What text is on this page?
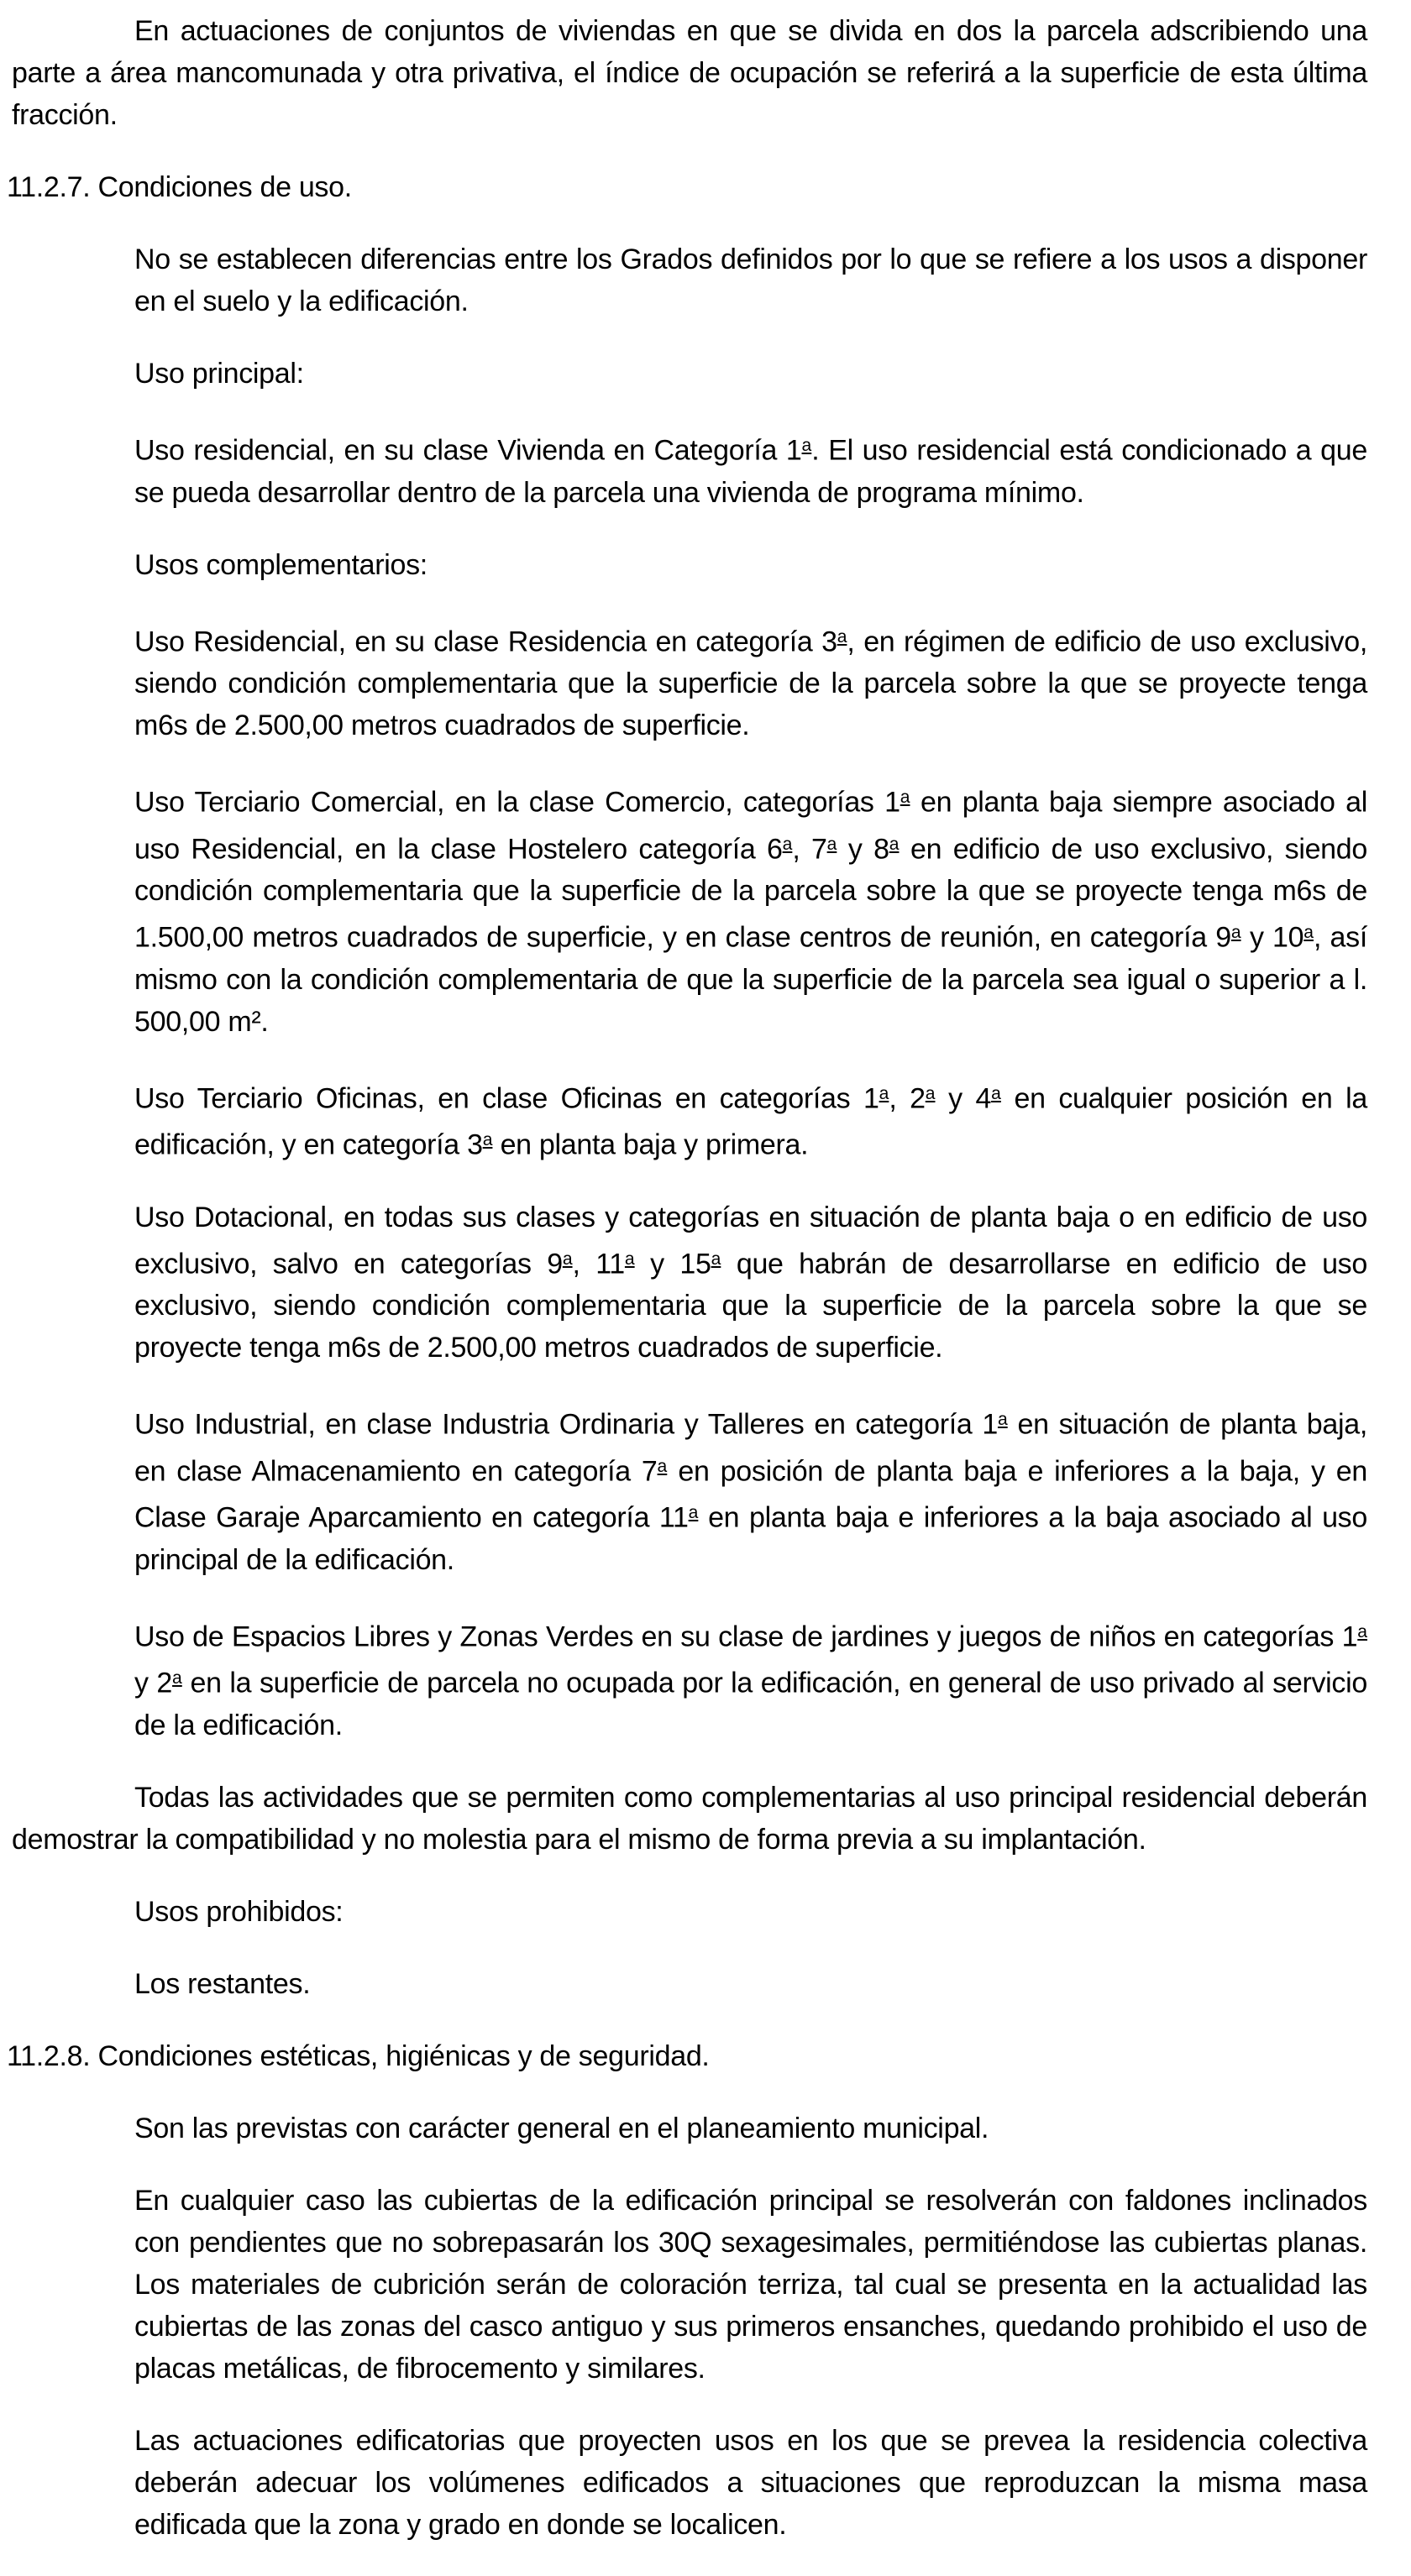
En actuaciones de conjuntos de viviendas en que se divida en dos la parcela adscribiendo una parte a área mancomunada y otra privativa, el índice de ocupación se referirá a la superficie de esta última fracción.

11.2.7. Condiciones de uso.

No se establecen diferencias entre los Grados definidos por lo que se refiere a los usos a disponer en el suelo y la edificación.

Uso principal:

Uso residencial, en su clase Vivienda en Categoría 1$^a$. El uso residencial está condicionado a que se pueda desarrollar dentro de la parcela una vivienda de programa mínimo.

Usos complementarios:

Uso Residencial, en su clase Residencia en categoría 3$^a$, en régimen de edificio de uso exclusivo, siendo condición complementaria que la superficie de la parcela sobre la que se proyecte tenga m6s de 2.500,00 metros cuadrados de superficie.

Uso Terciario Comercial, en la clase Comercio, categorías 1$^a$ en planta baja siempre asociado al uso Residencial, en la clase Hostelero categoría 6$^a$, 7$^a$ y 8$^a$ en edificio de uso exclusivo, siendo condición complementaria que la superficie de la parcela sobre la que se proyecte tenga m6s de 1.500,00 metros cuadrados de superficie, y en clase centros de reunión, en categoría 9$^a$ y 10$^a$, así mismo con la condición complementaria de que la superficie de la parcela sea igual o superior a l. 500,00 m².

Uso Terciario Oficinas, en clase Oficinas en categorías 1$^a$, 2$^a$ y 4$^a$ en cualquier posición en la edificación, y en categoría 3$^a$ en planta baja y primera.

Uso Dotacional, en todas sus clases y categorías en situación de planta baja o en edificio de uso exclusivo, salvo en categorías 9$^a$, 11$^a$ y 15$^a$ que habrán de desarrollarse en edificio de uso exclusivo, siendo condición complementaria que la superficie de la parcela sobre la que se proyecte tenga m6s de 2.500,00 metros cuadrados de superficie.

Uso Industrial, en clase Industria Ordinaria y Talleres en categoría 1$^a$ en situación de planta baja, en clase Almacenamiento en categoría 7$^a$ en posición de planta baja e inferiores a la baja, y en Clase Garaje Aparcamiento en categoría 11$^a$ en planta baja e inferiores a la baja asociado al uso principal de la edificación.

Uso de Espacios Libres y Zonas Verdes en su clase de jardines y juegos de niños en categorías 1$^a$ y 2$^a$ en la superficie de parcela no ocupada por la edificación, en general de uso privado al servicio de la edificación.

Todas las actividades que se permiten como complementarias al uso principal residencial deberán demostrar la compatibilidad y no molestia para el mismo de forma previa a su implantación.

Usos prohibidos:

Los restantes.

11.2.8. Condiciones estéticas, higiénicas y de seguridad.

Son las previstas con carácter general en el planeamiento municipal.

En cualquier caso las cubiertas de la edificación principal se resolverán con faldones inclinados con pendientes que no sobrepasarán los 30Q sexagesimales, permitiéndose las cubiertas planas. Los materiales de cubrición serán de coloración terriza, tal cual se presenta en la actualidad las cubiertas de las zonas del casco antiguo y sus primeros ensanches, quedando prohibido el uso de placas metálicas, de fibrocemento y similares.

Las actuaciones edificatorias que proyecten usos en los que se prevea la residencia colectiva deberán adecuar los volúmenes edificados a situaciones que reproduzcan la misma masa edificada que la zona y grado en donde se localicen.
